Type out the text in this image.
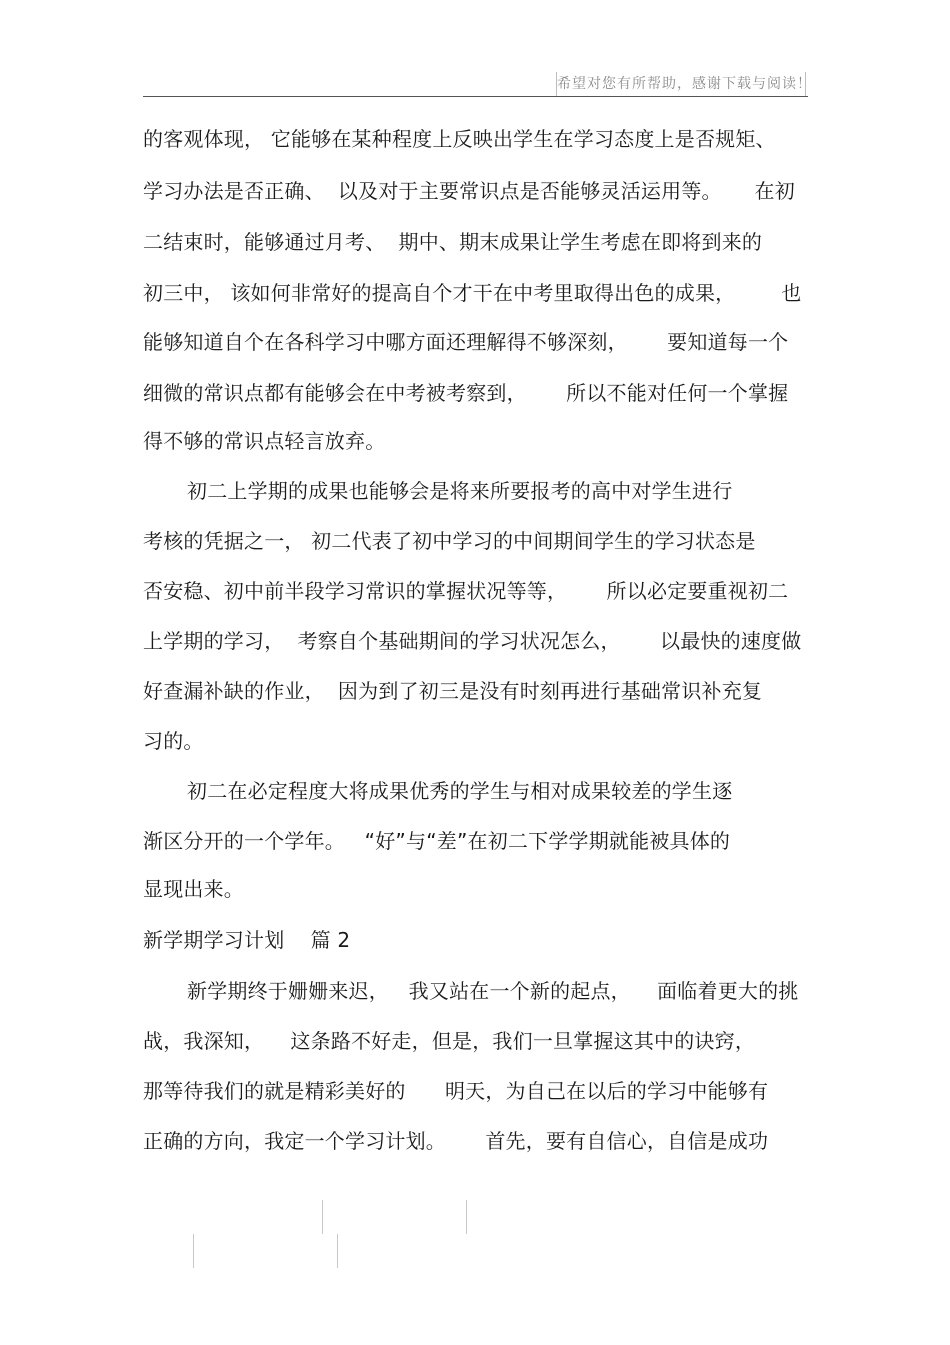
希望对您有所帮助，感谢下载与阅读！
的客观体现， 它能够在某种程度上反映出学生在学习态度上是否规矩、
学习办法是否正确、  以及对于主要常识点是否能够灵活运用等。     在初
二结束时，能够通过月考、  期中、期末成果让学生考虑在即将到来的
初三中， 该如何非常好的提高自个才干在中考里取得出色的成果，       也
能够知道自个在各科学习中哪方面还理解得不够深刻，      要知道每一个
细微的常识点都有能够会在中考被考察到，      所以不能对任何一个掌握
得不够的常识点轻言放弃。
初二上学期的成果也能够会是将来所要报考的高中对学生进行
考核的凭据之一， 初二代表了初中学习的中间期间学生的学习状态是
否安稳、初中前半段学习常识的掌握状况等等，      所以必定要重视初二
上学期的学习，  考察自个基础期间的学习状况怎么，      以最快的速度做
好查漏补缺的作业，  因为到了初三是没有时刻再进行基础常识补充复
习的。
初二在必定程度大将成果优秀的学生与相对成果较差的学生逐
渐区分开的一个学年。   “好”与“差”在初二下学学期就能被具体的
显现出来。
新学期学习计划    篇 2
新学期终于姗姗来迟，   我又站在一个新的起点，    面临着更大的挑
战，我深知，    这条路不好走，但是，我们一旦掌握这其中的诀窍，
那等待我们的就是精彩美好的      明天，为自己在以后的学习中能够有
正确的方向，我定一个学习计划。      首先，要有自信心，自信是成功
